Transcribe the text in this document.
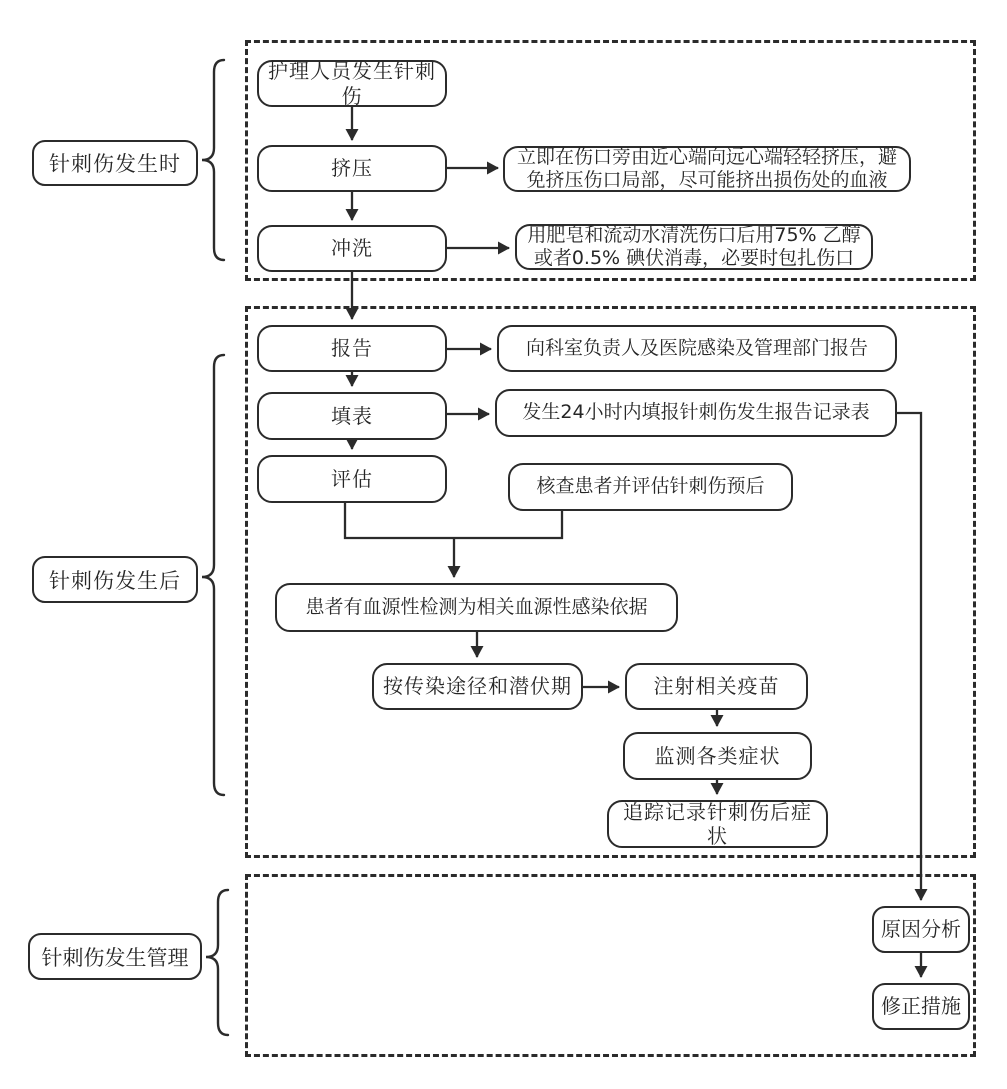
针刺伤发生时
针刺伤发生后
针刺伤发生管理
护理人员发生针刺伤
挤压	立即在伤口旁由近心端向远心端轻轻挤压，避免挤压伤口局部，尽可能挤出损伤处的血液
冲洗
用肥皂和流动水清洗伤口后用75% 乙醇或者0.5% 碘伏消毒，必要时包扎伤口
报告	向科室负责人及医院感染及管理部门报告
填表	发生24小时内填报针刺伤发生报告记录表
评估	核查患者并评估针刺伤预后
患者有血源性检测为相关血源性感染依据
按传染途径和潜伏期	注射相关疫苗
监测各类症状
追踪记录针刺伤后症状
原因分析
修正措施
